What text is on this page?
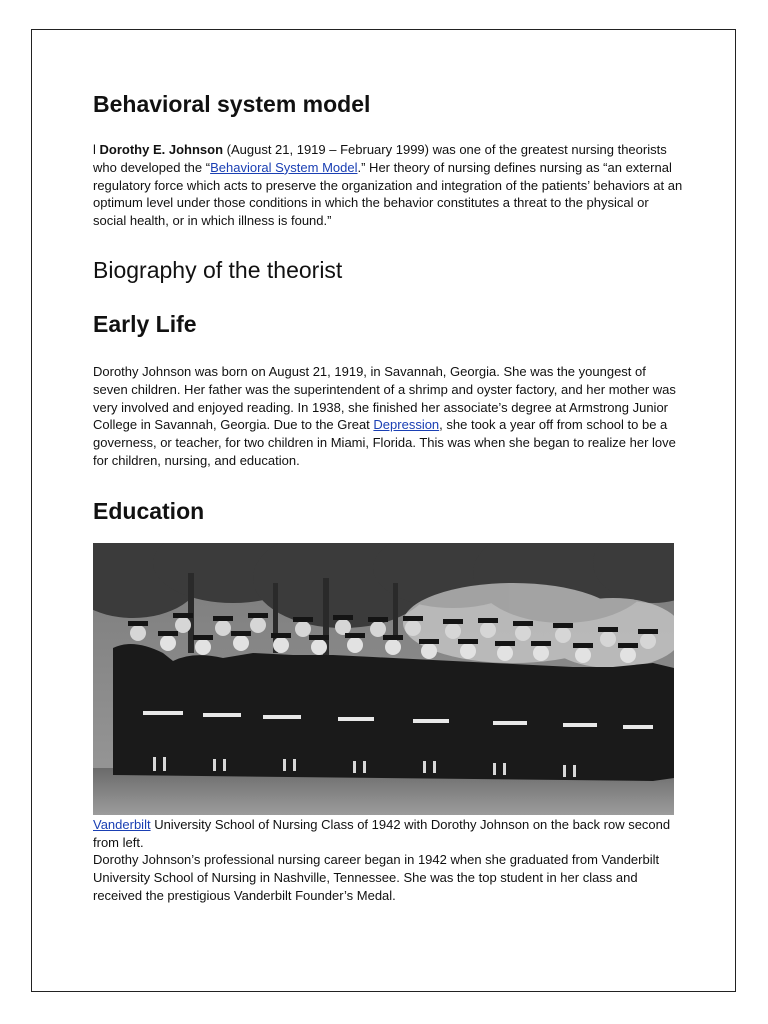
Behavioral system model

l Dorothy E. Johnson (August 21, 1919 – February 1999) was one of the greatest nursing theorists who developed the “Behavioral System Model.” Her theory of nursing defines nursing as “an external regulatory force which acts to preserve the organization and integration of the patients’ behaviors at an optimum level under those conditions in which the behavior constitutes a threat to the physical or social health, or in which illness is found.”

Biography of the theorist
Early Life

Dorothy Johnson was born on August 21, 1919, in Savannah, Georgia. She was the youngest of seven children. Her father was the superintendent of a shrimp and oyster factory, and her mother was very involved and enjoyed reading. In 1938, she finished her associate’s degree at Armstrong Junior College in Savannah, Georgia. Due to the Great Depression, she took a year off from school to be a governess, or teacher, for two children in Miami, Florida. This was when she began to realize her love for children, nursing, and education.

Education

Vanderbilt University School of Nursing Class of 1942 with Dorothy Johnson on the back row second from left.

Dorothy Johnson’s professional nursing career began in 1942 when she graduated from Vanderbilt University School of Nursing in Nashville, Tennessee. She was the top student in her class and received the prestigious Vanderbilt Founder’s Medal.
